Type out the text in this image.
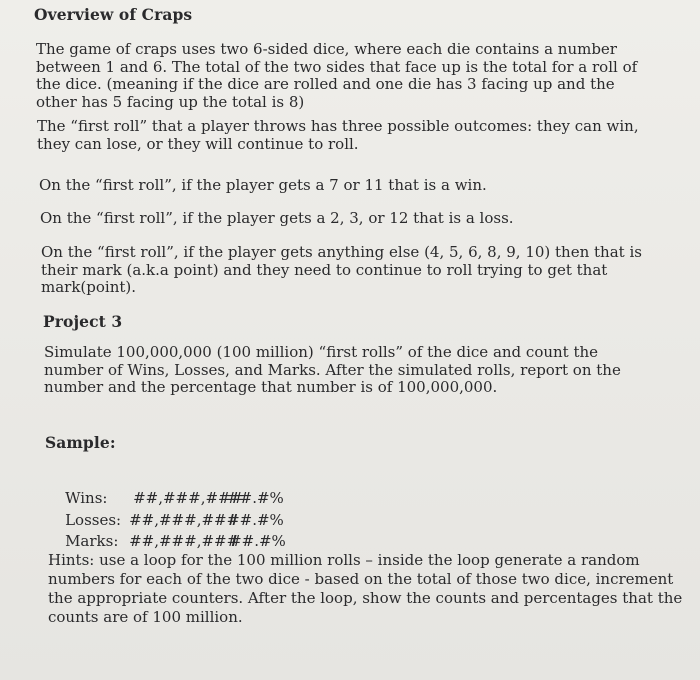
Overview of Craps

The game of craps uses two 6-sided dice, where each die contains a number between 1 and 6. The total of the two sides that face up is the total for a roll of the dice. (meaning if the dice are rolled and one die has 3 facing up and the other has 5 facing up the total is 8)

The “first roll” that a player throws has three possible outcomes: they can win, they can lose, or they will continue to roll.

On the “first roll”, if the player gets a 7 or 11 that is a win.

On the “first roll”, if the player gets a 2, 3, or 12 that is a loss.

On the “first roll”, if the player gets anything else (4, 5, 6, 8, 9, 10) then that is their mark (a.k.a point) and they need to continue to roll trying to get that mark(point).

Project 3

Simulate 100,000,000 (100 million) “first rolls” of the dice and count the number of Wins, Losses, and Marks. After the simulated rolls, report on the number and the percentage that number is of 100,000,000.

Sample:

Wins: ##,###,#####.#%

Losses: ##,###,#####.#%

Marks: ##,###,#####.#%

Hints: use a loop for the 100 million rolls – inside the loop generate a random numbers for each of the two dice - based on the total of those two dice, increment the appropriate counters. After the loop, show the counts and percentages that the counts are of 100 million.
